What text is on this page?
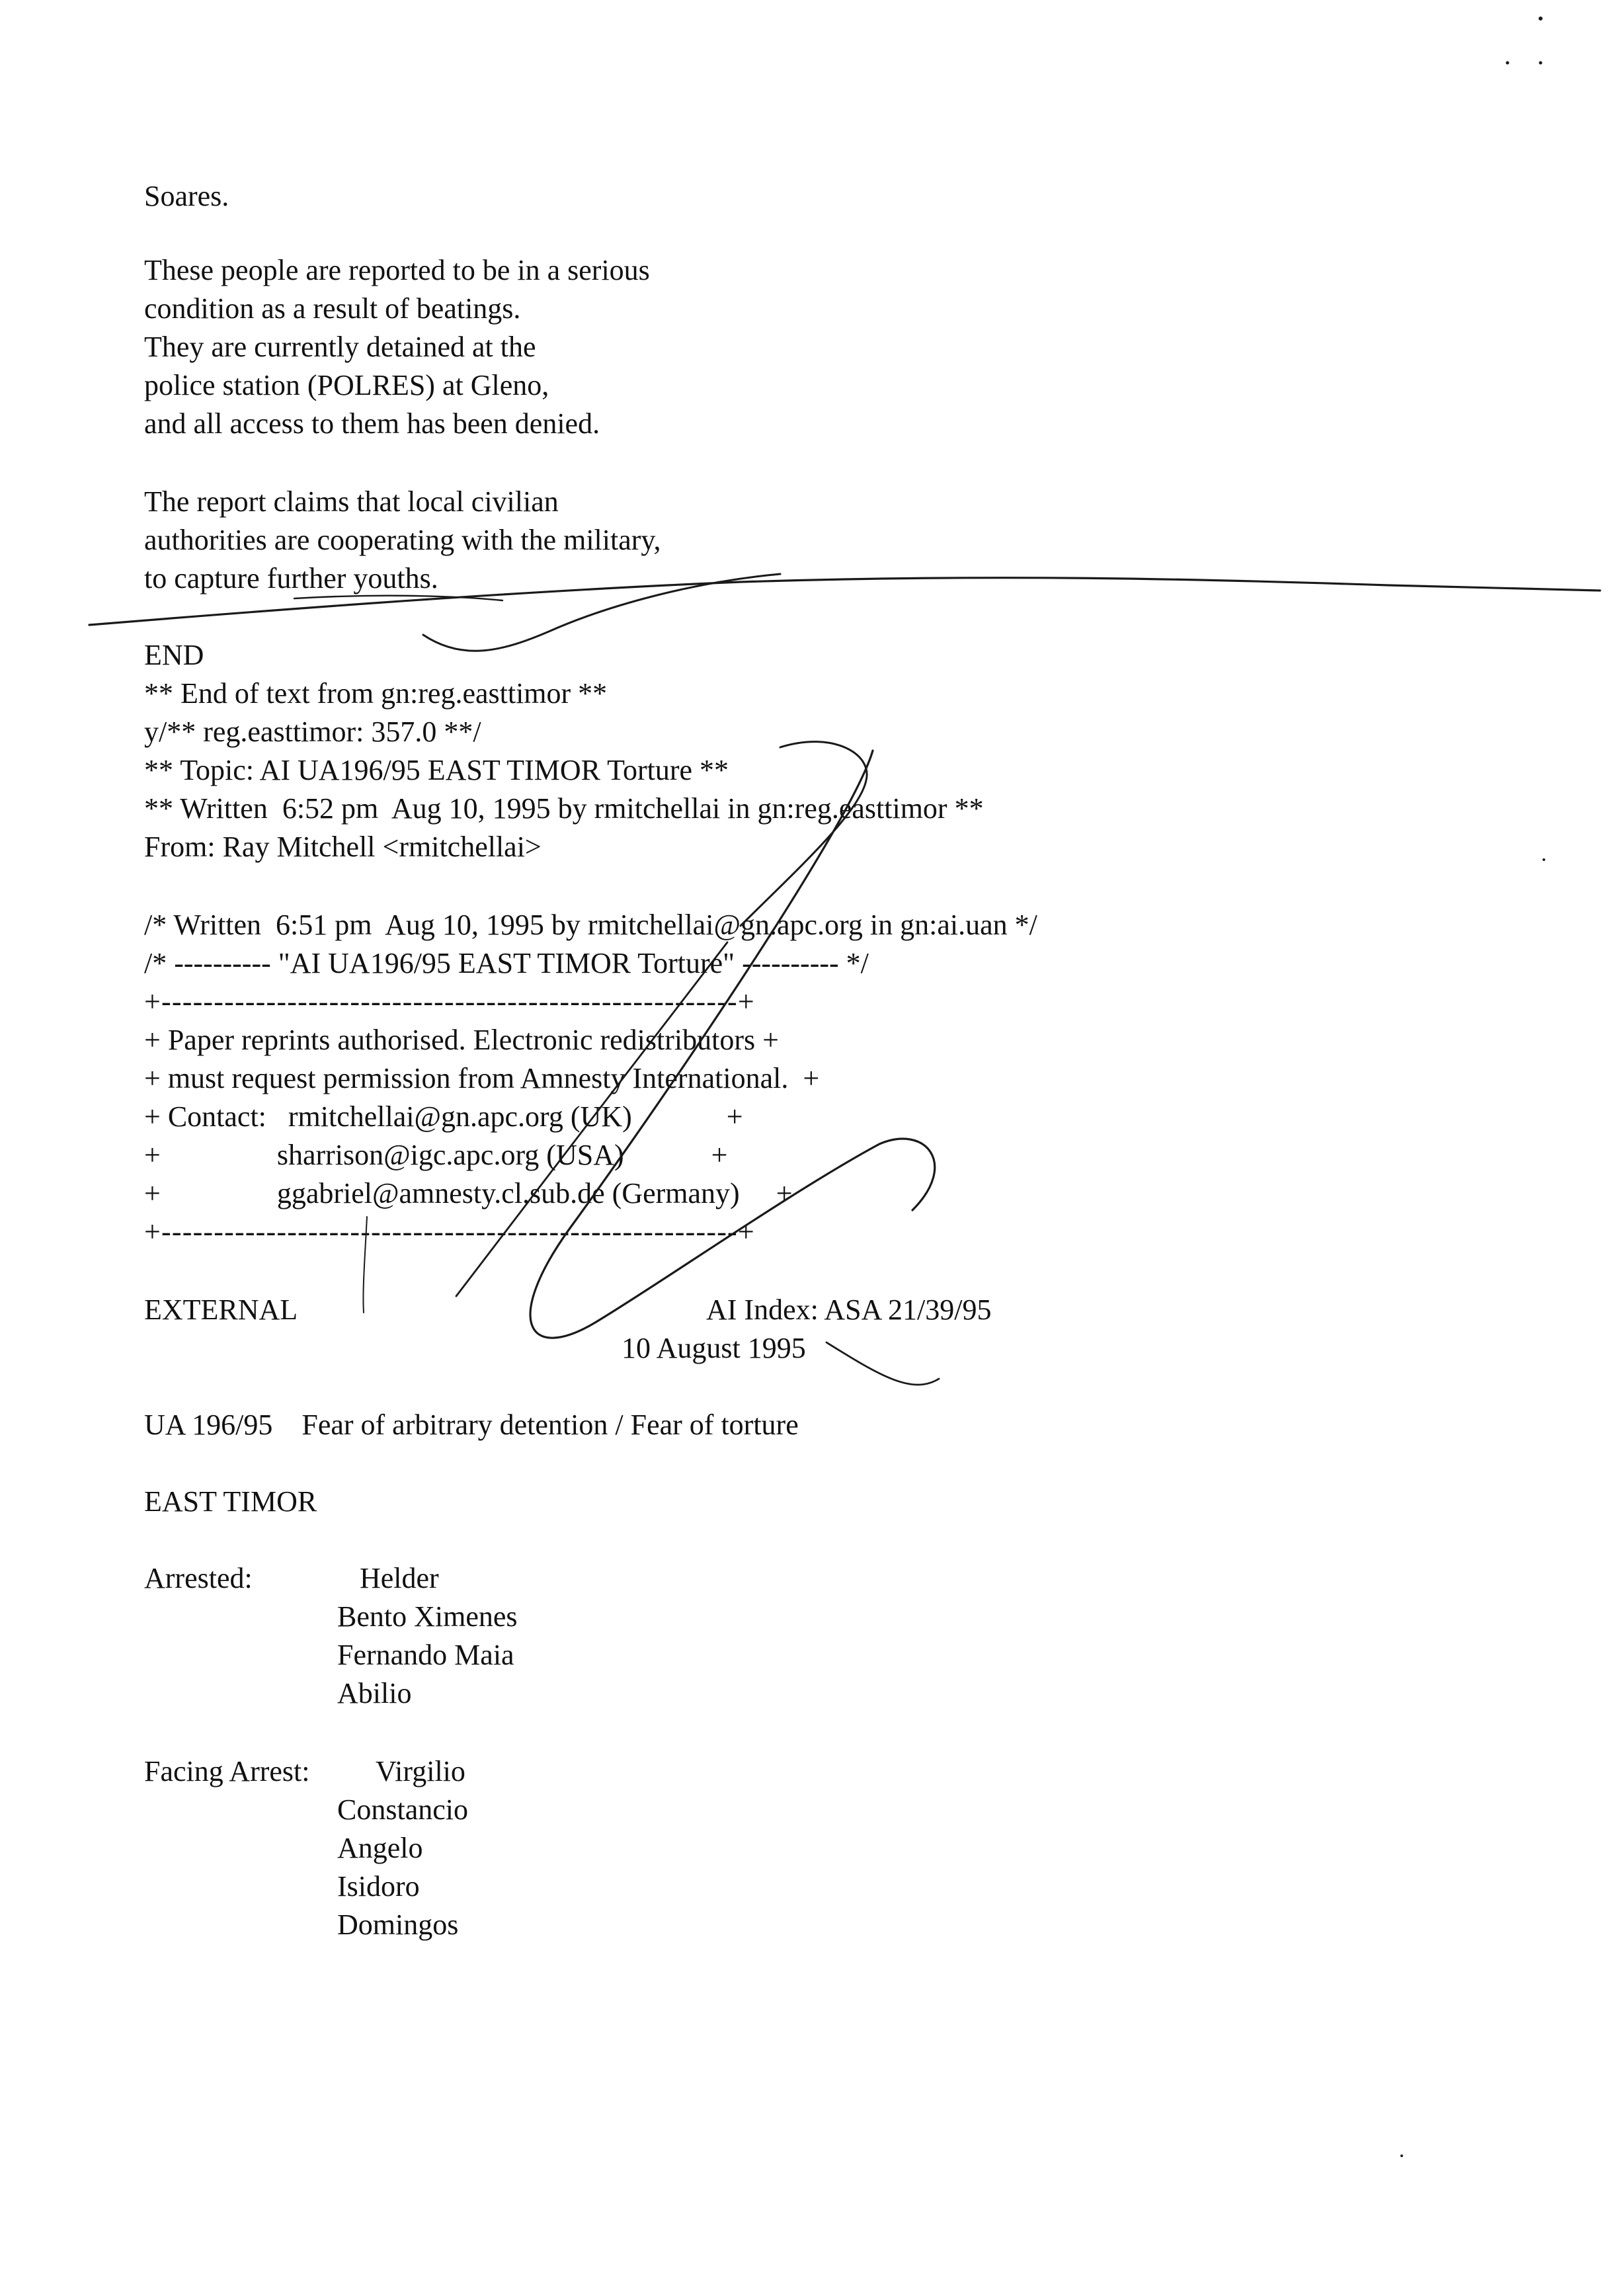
Soares.
These people are reported to be in a serious
condition as a result of beatings.
They are currently detained at the
police station (POLRES) at Gleno,
and all access to them has been denied.
The report claims that local civilian
authorities are cooperating with the military,
to capture further youths.
END
** End of text from gn:reg.easttimor **
y/** reg.easttimor: 357.0 **/
** Topic: AI UA196/95 EAST TIMOR Torture **
** Written  6:52 pm  Aug 10, 1995 by rmitchellai in gn:reg.easttimor **
From: Ray Mitchell <rmitchellai>
/* Written  6:51 pm  Aug 10, 1995 by rmitchellai@gn.apc.org in gn:ai.uan */
/* ---------- "AI UA196/95 EAST TIMOR Torture" ---------- */
+-------------------------------------------------------+
+ Paper reprints authorised. Electronic redistributors +
+ must request permission from Amnesty International.  +
+ Contact:   rmitchellai@gn.apc.org (UK)             +
+                sharrison@igc.apc.org (USA)            +
+                ggabriel@amnesty.cl.sub.de (Germany)     +
+-------------------------------------------------------+
EXTERNAL	AI Index: ASA 21/39/95
10 August 1995
UA 196/95    Fear of arbitrary detention / Fear of torture
EAST TIMOR
Arrested:	Helder
Bento Ximenes
Fernando Maia
Abilio
Facing Arrest: Virgilio
Constancio
Angelo
Isidoro
Domingos
